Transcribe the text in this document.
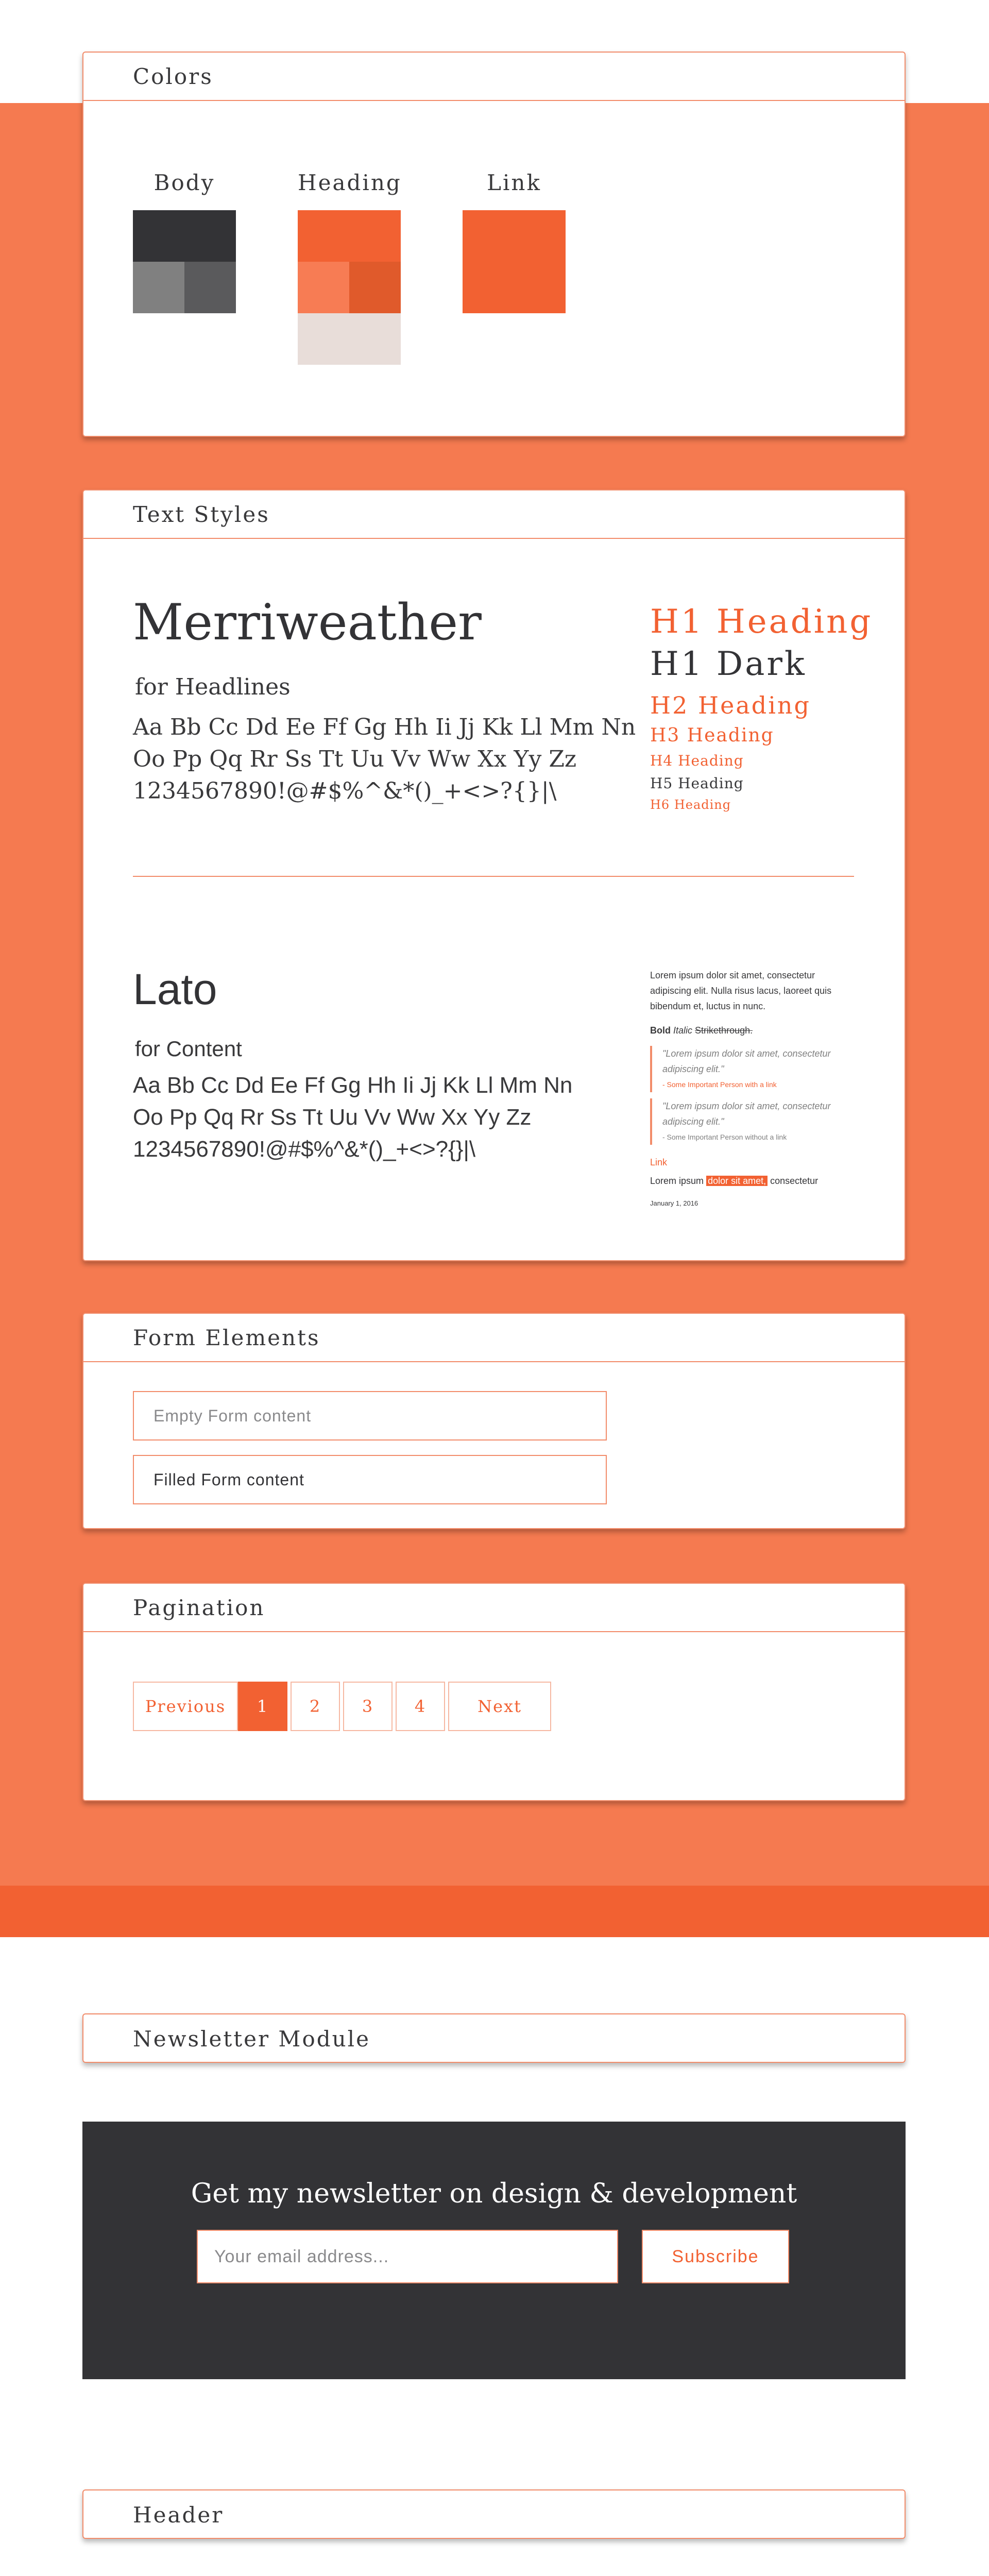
Colors
Body	Heading	Link
Text Styles
Merriweather
for Headlines
Aa Bb Cc Dd Ee Ff Gg Hh Ii Jj Kk Ll Mm Nn
Oo Pp Qq Rr Ss Tt Uu Vv Ww Xx Yy Zz
1234567890!@#$%^&*()_+<>?{}|\
H1 Heading
H1 Dark
H2 Heading
H3 Heading
H4 Heading
H5 Heading
H6 Heading
Lato
for Content
Aa Bb Cc Dd Ee Ff Gg Hh Ii Jj Kk Ll Mm Nn
Oo Pp Qq Rr Ss Tt Uu Vv Ww Xx Yy Zz
1234567890!@#$%^&*()_+<>?{}|\
Lorem ipsum dolor sit amet, consectetur adipiscing elit. Nulla risus lacus, laoreet quis bibendum et, luctus in nunc.
Bold Italic Strikethrough.
"Lorem ipsum dolor sit amet, consectetur adipiscing elit."
- Some Important Person with a link
"Lorem ipsum dolor sit amet, consectetur adipiscing elit."
- Some Important Person without a link
Link
Lorem ipsum dolor sit amet, consectetur
January 1, 2016
Form Elements
Empty Form content
Filled Form content
Pagination
Previous	1	2	3	4	Next
Newsletter Module
Get my newsletter on design & development
Your email address...	Subscribe
Header
